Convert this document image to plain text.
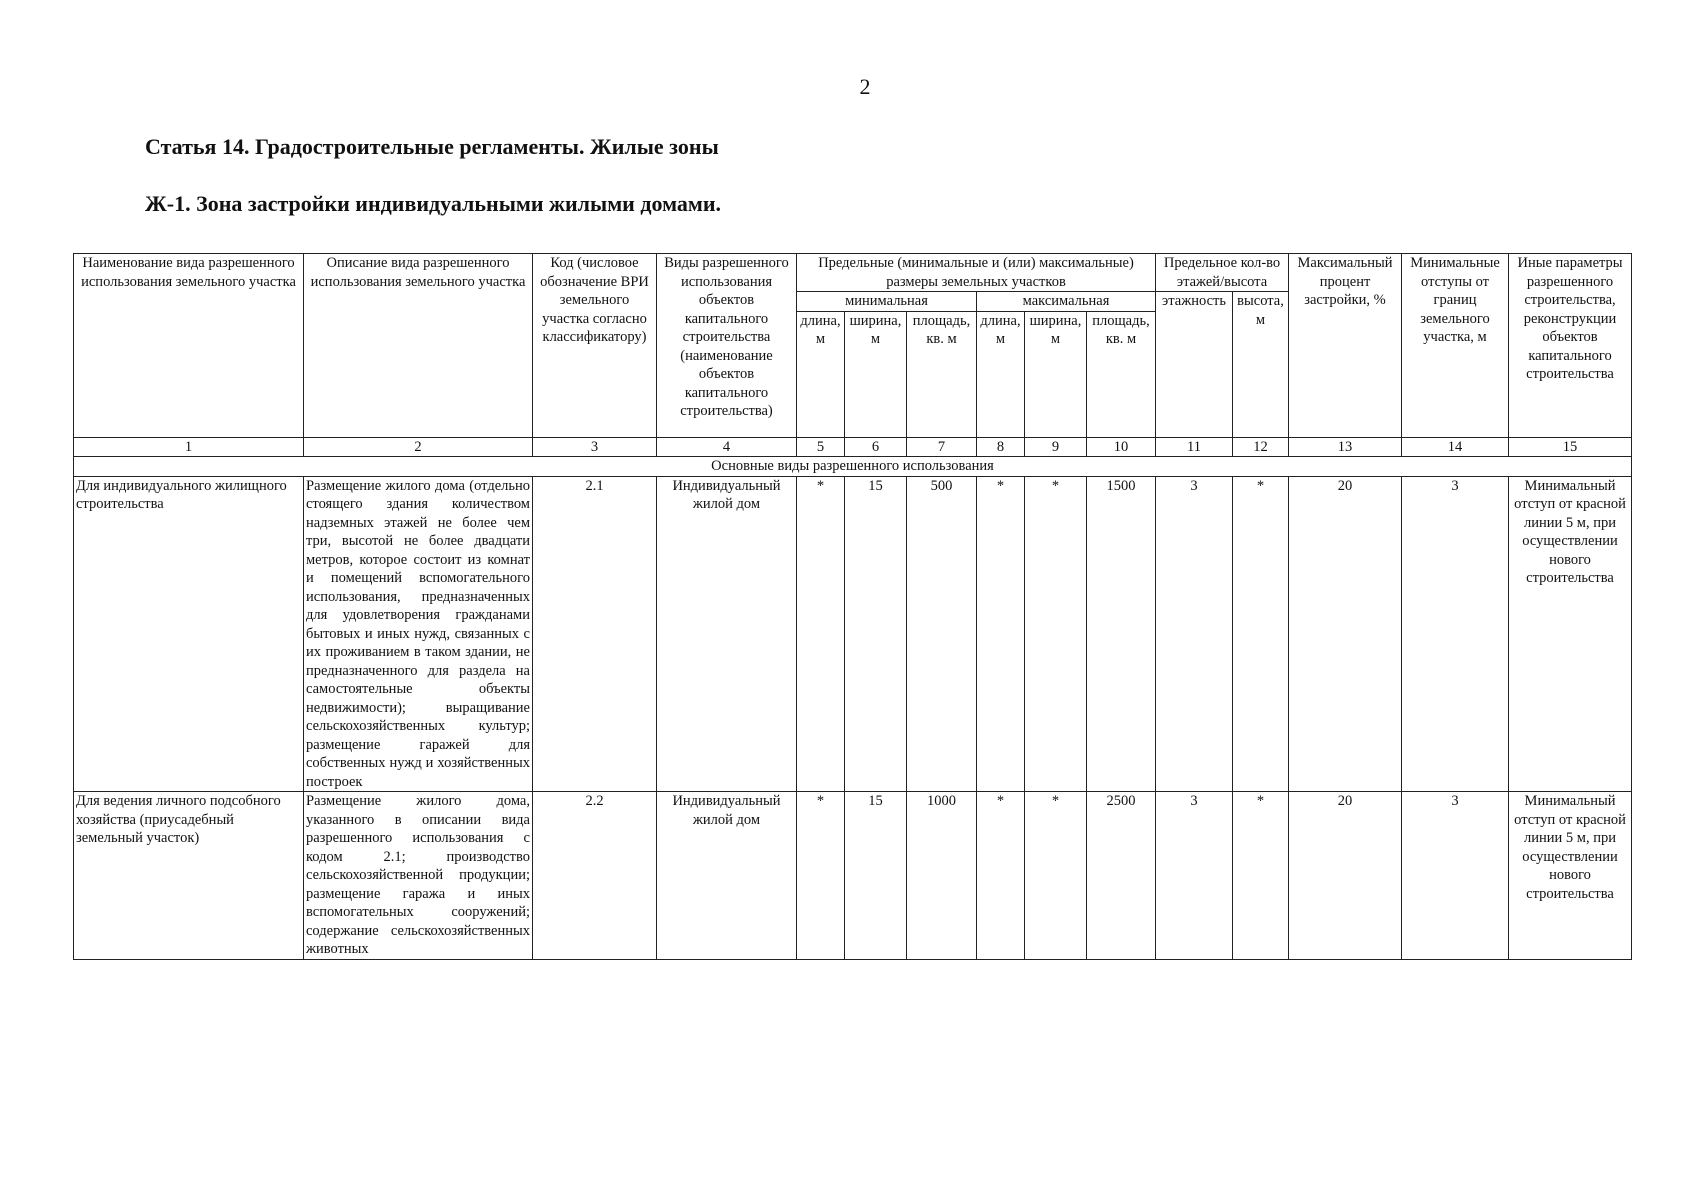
2
Статья 14. Градостроительные регламенты. Жилые зоны
Ж-1. Зона застройки индивидуальными жилыми домами.
Наименование вида разрешенного использования земельного участка	Описание вида разрешенного использования земельного участка	Код (числовое обозначение ВРИ земельного участка согласно классификатору)	Виды разрешенного использования объектов капитального строительства (наименование объектов капитального строительства)	Предельные (минимальные и (или) максимальные) размеры земельных участков						Предельное кол-во этажей/высота		Максимальный процент застройки, %	Минимальные отступы от границ земельного участка, м	Иные параметры разрешенного строительства, реконструкции объектов капитального строительства
				минимальная			максимальная			этажность	высота, м			
				длина, м	ширина, м	площадь, кв. м	длина, м	ширина, м	площадь, кв. м					
1	2	3	4	5	6	7	8	9	10	11	12	13	14	15
Основные виды разрешенного использования														
Для индивидуального жилищного строительства	Размещение жилого дома (отдельно стоящего здания количеством надземных этажей не более чем три, высотой не более двадцати метров, которое состоит из комнат и помещений вспомогательного использования, предназначенных для удовлетворения гражданами бытовых и иных нужд, связанных с их проживанием в таком здании, не предназначенного для раздела на самостоятельные объекты недвижимости); выращивание сельскохозяйственных культур; размещение гаражей для собственных нужд и хозяйственных построек	2.1	Индивидуальный жилой дом	*	15	500	*	*	1500	3	*	20	3	Минимальный отступ от красной линии 5 м, при осуществлении нового строительства
Для ведения личного подсобного хозяйства (приусадебный земельный участок)	Размещение жилого дома, указанного в описании вида разрешенного использования с кодом 2.1; производство сельскохозяйственной продукции; размещение гаража и иных вспомогательных сооружений; содержание сельскохозяйственных животных	2.2	Индивидуальный жилой дом	*	15	1000	*	*	2500	3	*	20	3	Минимальный отступ от красной линии 5 м, при осуществлении нового строительства
